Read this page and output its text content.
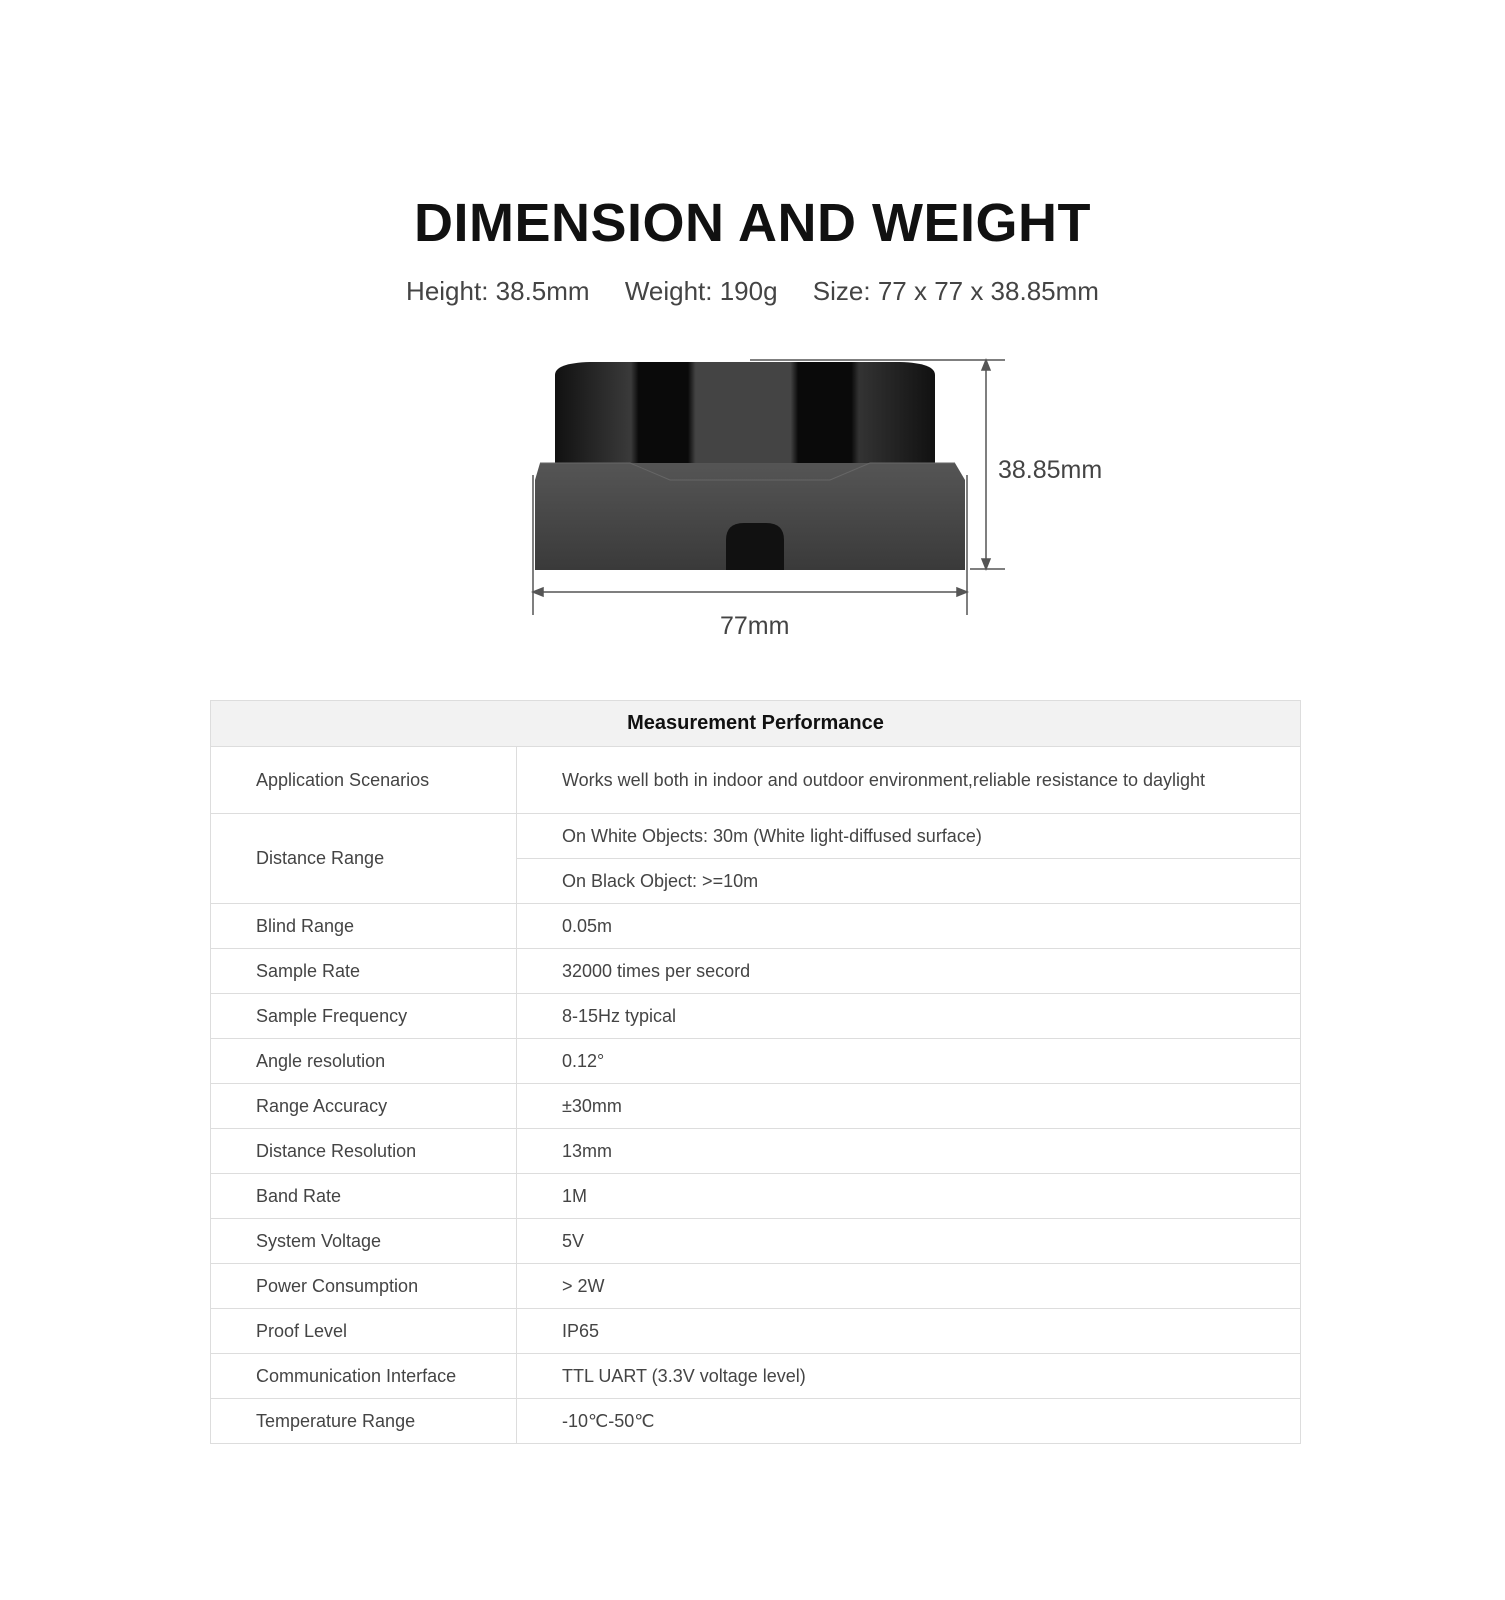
DIMENSION AND WEIGHT
Height: 38.5mm Weight: 190g Size: 77 x 77 x 38.85mm
38.85mm
77mm
Measurement Performance	
Application Scenarios	Works well both in indoor and outdoor environment,reliable resistance to daylight
Distance Range	On White Objects: 30m (White light-diffused surface)
	On Black Object: >=10m
Blind Range	0.05m
Sample Rate	32000 times per secord
Sample Frequency	8-15Hz typical
Angle resolution	0.12°
Range Accuracy	±30mm
Distance Resolution	13mm
Band Rate	1M
System Voltage	5V
Power Consumption	> 2W
Proof Level	IP65
Communication Interface	TTL UART (3.3V voltage level)
Temperature Range	-10℃-50℃
